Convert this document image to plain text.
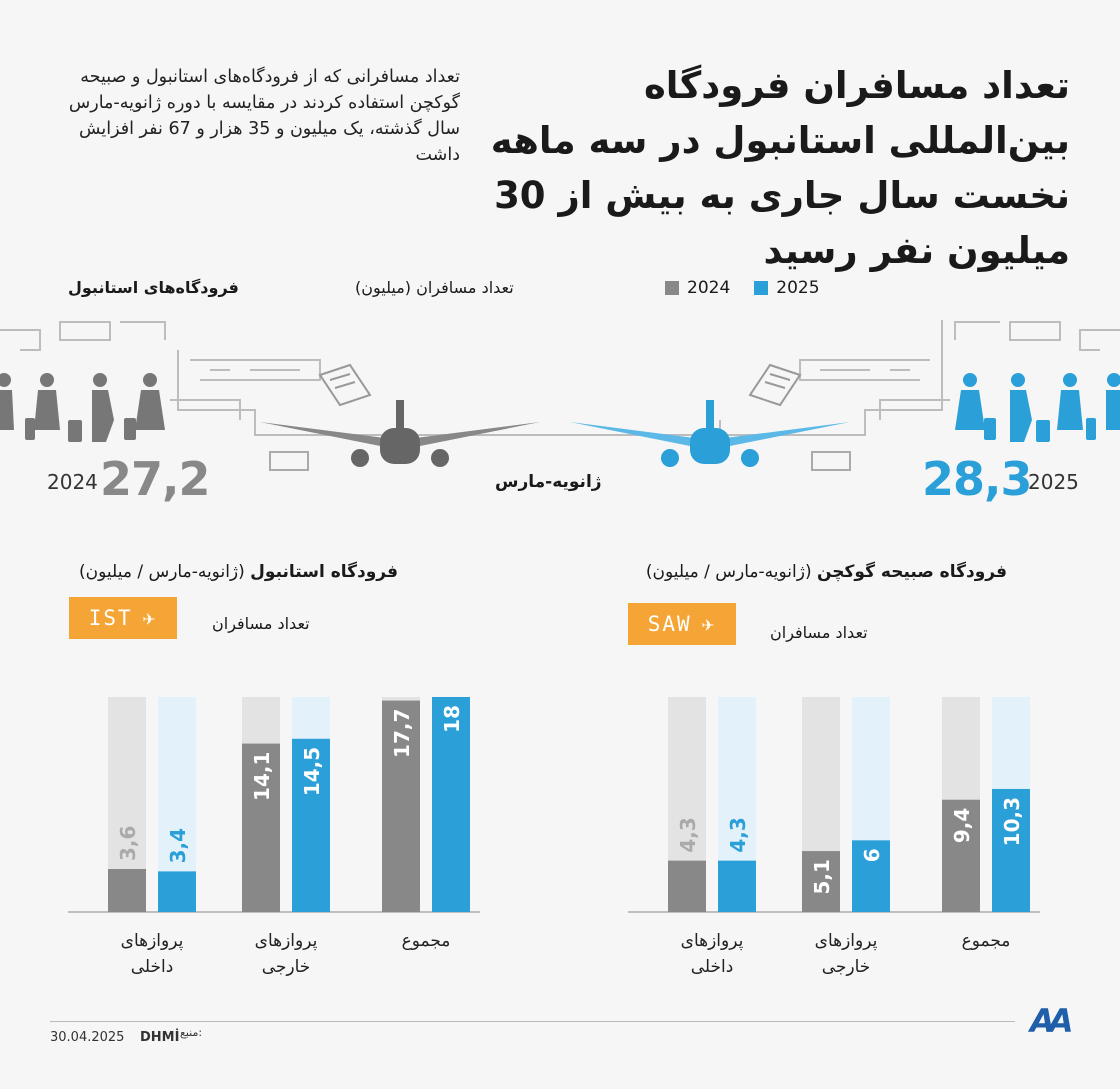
تعداد مسافران فرودگاه بین‌المللی استانبول در سه ماهه نخست سال جاری به بیش از 30 میلیون نفر رسید
تعداد مسافرانی که از فرودگاه‌های استانبول و صبیحه گوکچن استفاده کردند در مقایسه با دوره ژانویه-مارس سال گذشته، یک میلیون و 35 هزار و 67 نفر افزایش داشت
2024	2025
تعداد مسافران (میلیون)
فرودگاه‌های استانبول
2024 27,2	ژانویه-مارس	28,3
2025
فرودگاه استانبول (ژانویه-مارس / میلیون)
IST ✈	تعداد مسافران
فرودگاه صبیحه گوکچن (ژانویه-مارس / میلیون)
SAW ✈	تعداد مسافران
3,6 3,4
پروازهای
داخلی
14,1 14,5
پروازهای
خارجی
17,7 18
مجموع
4,3 4,3
پروازهای
داخلی
5,1
6
پروازهای
خارجی
9,4 10,3
مجموع
30.04.2025 DHMİ منبع:	AA
